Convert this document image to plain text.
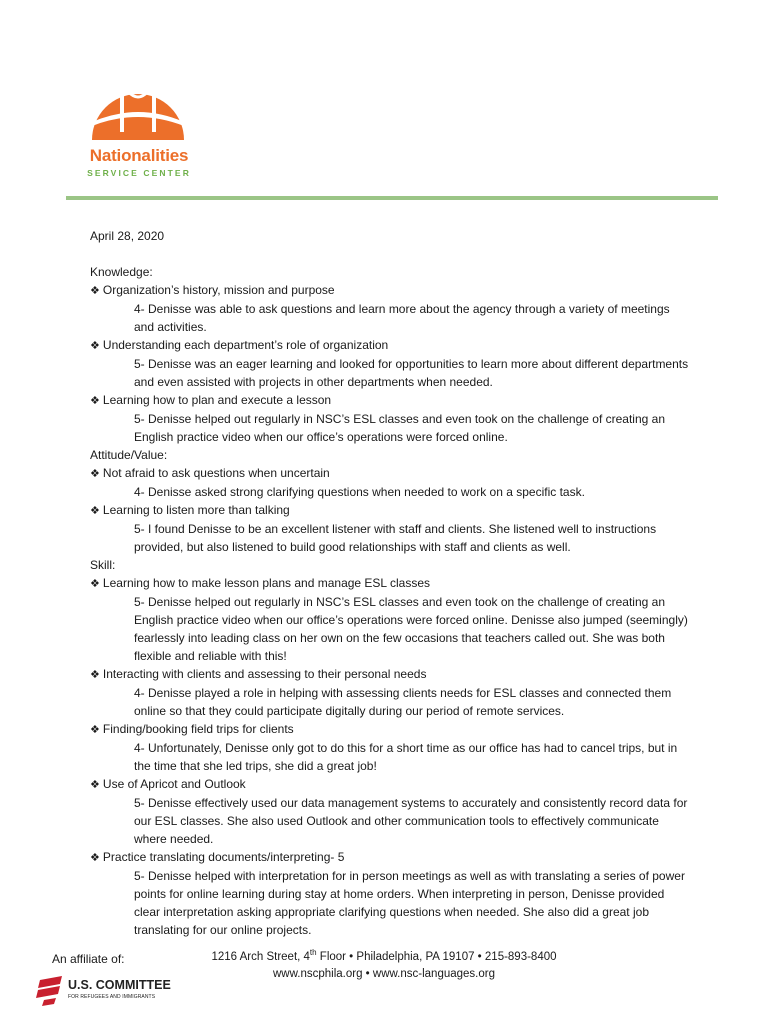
Nationalities
SERVICE CENTER

April 28, 2020

Knowledge:

❖ Organization’s history, mission and purpose

4- Denisse was able to ask questions and learn more about the agency through a variety of meetings and activities.

❖ Understanding each department’s role of organization

5- Denisse was an eager learning and looked for opportunities to learn more about different departments and even assisted with projects in other departments when needed.

❖ Learning how to plan and execute a lesson

5- Denisse helped out regularly in NSC’s ESL classes and even took on the challenge of creating an English practice video when our office’s operations were forced online.

Attitude/Value:

❖ Not afraid to ask questions when uncertain

4- Denisse asked strong clarifying questions when needed to work on a specific task.

❖ Learning to listen more than talking

5- I found Denisse to be an excellent listener with staff and clients. She listened well to instructions provided, but also listened to build good relationships with staff and clients as well.

Skill:

❖ Learning how to make lesson plans and manage ESL classes

5- Denisse helped out regularly in NSC’s ESL classes and even took on the challenge of creating an English practice video when our office’s operations were forced online. Denisse also jumped (seemingly) fearlessly into leading class on her own on the few occasions that teachers called out. She was both flexible and reliable with this!

❖ Interacting with clients and assessing to their personal needs

4- Denisse played a role in helping with assessing clients needs for ESL classes and connected them online so that they could participate digitally during our period of remote services.

❖ Finding/booking field trips for clients

4- Unfortunately, Denisse only got to do this for a short time as our office has had to cancel trips, but in the time that she led trips, she did a great job!

❖ Use of Apricot and Outlook

5- Denisse effectively used our data management systems to accurately and consistently record data for our ESL classes. She also used Outlook and other communication tools to effectively communicate where needed.

❖ Practice translating documents/interpreting- 5

5- Denisse helped with interpretation for in person meetings as well as with translating a series of power points for online learning during stay at home orders. When interpreting in person, Denisse provided clear interpretation asking appropriate clarifying questions when needed. She also did a great job translating for our online projects.

An affiliate of:
U.S. COMMITTEE
FOR REFUGEES AND IMMIGRANTS
1216 Arch Street, 4th Floor • Philadelphia, PA 19107 • 215-893-8400
www.nscphila.org • www.nsc-languages.org
